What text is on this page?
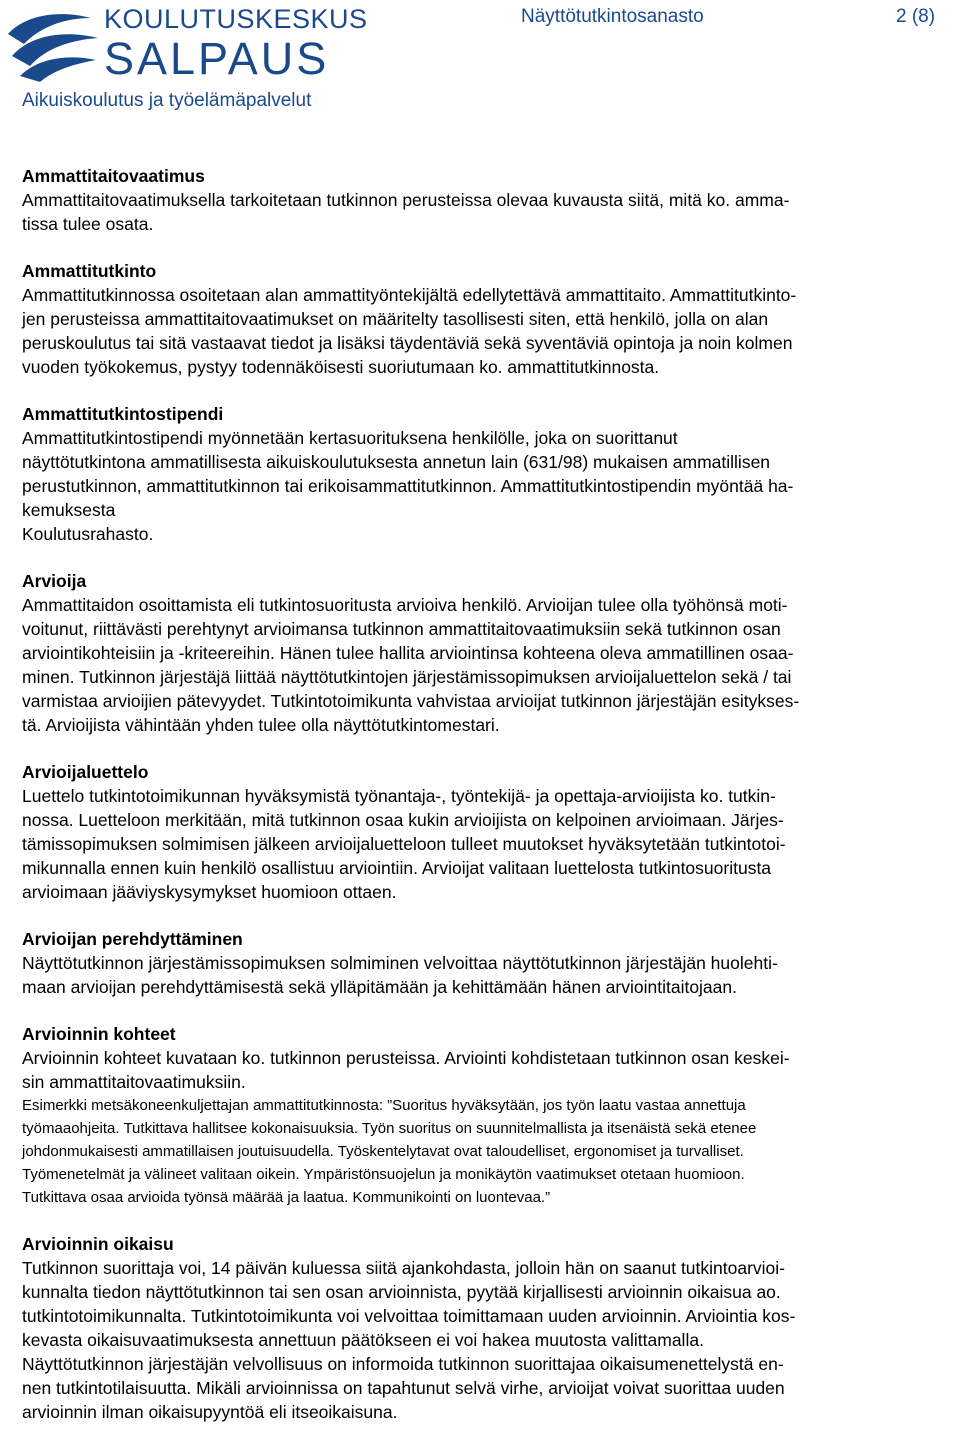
KOULUTUSKESKUS
SALPAUS
Aikuiskoulutus ja työelämäpalvelut
Näyttötutkintosanasto	2 (8)
Ammattitaitovaatimus

Ammattitaitovaatimuksella tarkoitetaan tutkinnon perusteissa olevaa kuvausta siitä, mitä ko. amma-

tissa tulee osata.

Ammattitutkinto

Ammattitutkinnossa osoitetaan alan ammattityöntekijältä edellytettävä ammattitaito. Ammattitutkinto-

jen perusteissa ammattitaitovaatimukset on määritelty tasollisesti siten, että henkilö, jolla on alan

peruskoulutus tai sitä vastaavat tiedot ja lisäksi täydentäviä sekä syventäviä opintoja ja noin kolmen

vuoden työkokemus, pystyy todennäköisesti suoriutumaan ko. ammattitutkinnosta.

Ammattitutkintostipendi

Ammattitutkintostipendi myönnetään kertasuorituksena henkilölle, joka on suorittanut

näyttötutkintona ammatillisesta aikuiskoulutuksesta annetun lain (631/98) mukaisen ammatillisen

perustutkinnon, ammattitutkinnon tai erikoisammattitutkinnon. Ammattitutkintostipendin myöntää ha-

kemuksesta

Koulutusrahasto.

Arvioija

Ammattitaidon osoittamista eli tutkintosuoritusta arvioiva henkilö. Arvioijan tulee olla työhönsä moti-

voitunut, riittävästi perehtynyt arvioimansa tutkinnon ammattitaitovaatimuksiin sekä tutkinnon osan

arviointikohteisiin ja -kriteereihin. Hänen tulee hallita arviointinsa kohteena oleva ammatillinen osaa-

minen. Tutkinnon järjestäjä liittää näyttötutkintojen järjestämissopimuksen arvioijaluettelon sekä / tai

varmistaa arvioijien pätevyydet. Tutkintotoimikunta vahvistaa arvioijat tutkinnon järjestäjän esitykses-

tä. Arvioijista vähintään yhden tulee olla näyttötutkintomestari.

Arvioijaluettelo

Luettelo tutkintotoimikunnan hyväksymistä työnantaja-, työntekijä- ja opettaja-arvioijista ko. tutkin-

nossa. Luetteloon merkitään, mitä tutkinnon osaa kukin arvioijista on kelpoinen arvioimaan. Järjes-

tämissopimuksen solmimisen jälkeen arvioijaluetteloon tulleet muutokset hyväksytetään tutkintotoi-

mikunnalla ennen kuin henkilö osallistuu arviointiin. Arvioijat valitaan luettelosta tutkintosuoritusta

arvioimaan jääviyskysymykset huomioon ottaen.

Arvioijan perehdyttäminen

Näyttötutkinnon järjestämissopimuksen solmiminen velvoittaa näyttötutkinnon järjestäjän huolehti-

maan arvioijan perehdyttämisestä sekä ylläpitämään ja kehittämään hänen arviointitaitojaan.

Arvioinnin kohteet

Arvioinnin kohteet kuvataan ko. tutkinnon perusteissa. Arviointi kohdistetaan tutkinnon osan keskei-

sin ammattitaitovaatimuksiin.

Esimerkki metsäkoneenkuljettajan ammattitutkinnosta: ”Suoritus hyväksytään, jos työn laatu vastaa annettuja

työmaaohjeita. Tutkittava hallitsee kokonaisuuksia. Työn suoritus on suunnitelmallista ja itsenäistä sekä etenee

johdonmukaisesti ammatillaisen joutuisuudella. Työskentelytavat ovat taloudelliset, ergonomiset ja turvalliset.

Työmenetelmät ja välineet valitaan oikein. Ympäristönsuojelun ja monikäytön vaatimukset otetaan huomioon.

Tutkittava osaa arvioida työnsä määrää ja laatua. Kommunikointi on luontevaa.”

Arvioinnin oikaisu

Tutkinnon suorittaja voi, 14 päivän kuluessa siitä ajankohdasta, jolloin hän on saanut tutkintoarvioi-

kunnalta tiedon näyttötutkinnon tai sen osan arvioinnista, pyytää kirjallisesti arvioinnin oikaisua ao.

tutkintotoimikunnalta. Tutkintotoimikunta voi velvoittaa toimittamaan uuden arvioinnin. Arviointia kos-

kevasta oikaisuvaatimuksesta annettuun päätökseen ei voi hakea muutosta valittamalla.

Näyttötutkinnon järjestäjän velvollisuus on informoida tutkinnon suorittajaa oikaisumenettelystä en-

nen tutkintotilaisuutta. Mikäli arvioinnissa on tapahtunut selvä virhe, arvioijat voivat suorittaa uuden

arvioinnin ilman oikaisupyyntöä eli itseoikaisuna.
